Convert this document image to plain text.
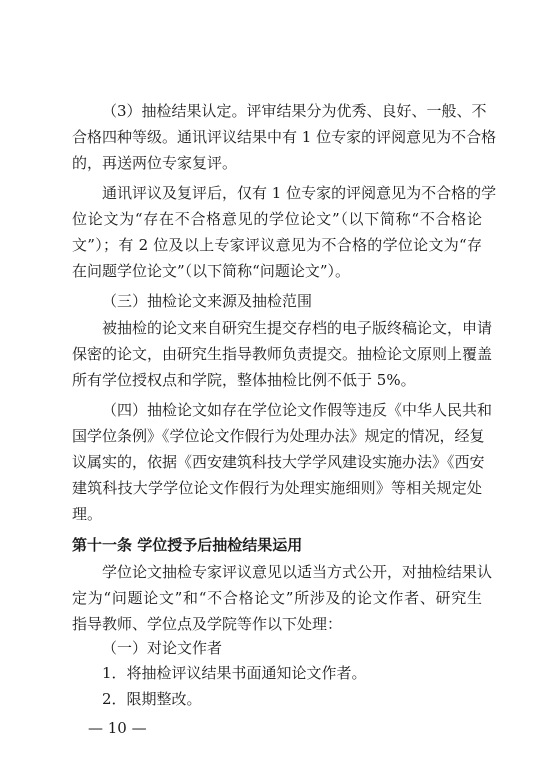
（3）抽检结果认定。评审结果分为优秀、良好、一般、不
合格四种等级。通讯评议结果中有 1 位专家的评阅意见为不合格
的，再送两位专家复评。
通讯评议及复评后，仅有 1 位专家的评阅意见为不合格的学
位论文为“存在不合格意见的学位论文”（以下简称“不合格论
文”）；有 2 位及以上专家评议意见为不合格的学位论文为“存
在问题学位论文”（以下简称“问题论文”）。
（三）抽检论文来源及抽检范围
被抽检的论文来自研究生提交存档的电子版终稿论文，申请
保密的论文，由研究生指导教师负责提交。抽检论文原则上覆盖
所有学位授权点和学院，整体抽检比例不低于 5%。
（四）抽检论文如存在学位论文作假等违反《中华人民共和
国学位条例》《学位论文作假行为处理办法》规定的情况，经复
议属实的，依据《西安建筑科技大学学风建设实施办法》《西安
建筑科技大学学位论文作假行为处理实施细则》等相关规定处
理。
第十一条 学位授予后抽检结果运用
学位论文抽检专家评议意见以适当方式公开，对抽检结果认
定为“问题论文”和“不合格论文”所涉及的论文作者、研究生
指导教师、学位点及学院等作以下处理：
（一）对论文作者
1．将抽检评议结果书面通知论文作者。
2．限期整改。
— 10 —
